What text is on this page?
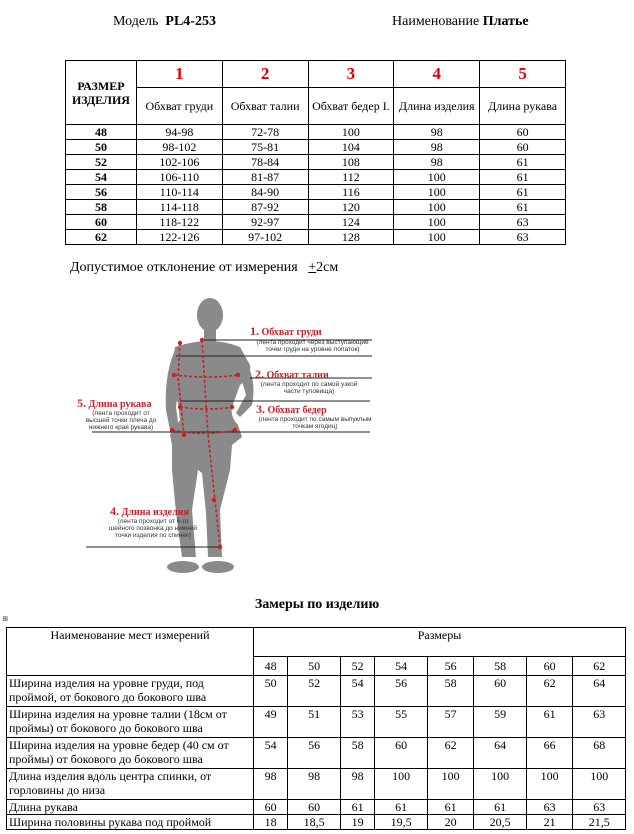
Модель PL4-253	Наименование Платье
РАЗМЕР ИЗДЕЛИЯ	1	2	3	4	5
	Обхват груди	Обхват талии	Обхват бедер I.	Длина изделия	Длина рукава
48	94-98	72-78	100	98	60
50	98-102	75-81	104	98	60
52	102-106	78-84	108	98	61
54	106-110	81-87	112	100	61
56	110-114	84-90	116	100	61
58	114-118	87-92	120	100	61
60	118-122	92-97	124	100	63
62	122-126	97-102	128	100	63
Допустимое отклонение от измерения +2см
1. Обхват груди
(лента проходит через выступающие точки груди на уровне лопаток)
2. Обхват талии
(лента проходит по самой узкой части туловища)
3. Обхват бедер
(лента проходит по самым выпуклым точкам ягодиц)
4. Длина изделия
(лента проходит от 6-го шейного позвонка до нижней точки изделия по спинке)
5. Длина рукава
(лента проходит от высшей точки плеча до нижнего края рукава)
Замеры по изделию
⊞
Наименование мест измерений	Размеры							
	48	50	52	54	56	58	60	62
Ширина изделия на уровне груди, под проймой, от бокового до бокового шва	50	52	54	56	58	60	62	64
Ширина изделия на уровне талии (18см от проймы) от бокового до бокового шва	49	51	53	55	57	59	61	63
Ширина изделия на уровне бедер (40 см от проймы) от бокового до бокового шва	54	56	58	60	62	64	66	68
Длина изделия вдоль центра спинки, от горловины до низа	98	98	98	100	100	100	100	100
Длина рукава	60	60	61	61	61	61	63	63
Ширина половины рукава под проймой	18	18,5	19	19,5	20	20,5	21	21,5
